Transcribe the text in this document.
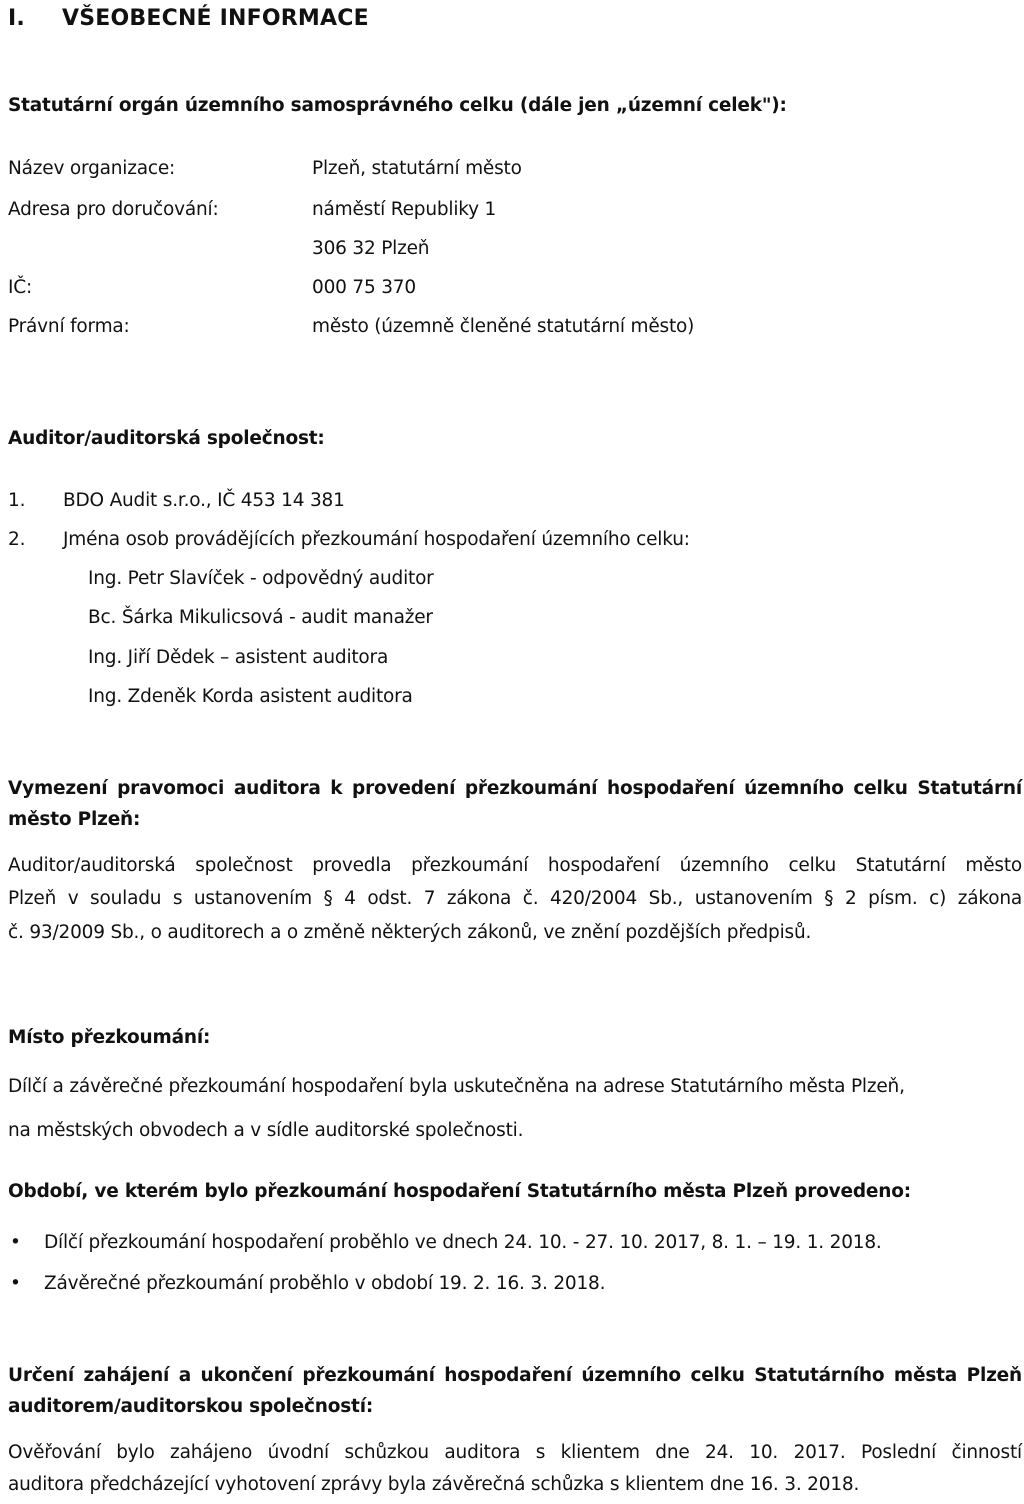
I. VŠEOBECNÉ INFORMACE
Statutární orgán územního samosprávného celku (dále jen „územní celek"):
Název organizace:	Plzeň, statutární město
Adresa pro doručování:	náměstí Republiky 1
306 32 Plzeň
IČ:	000 75 370
Právní forma:	město (územně členěné statutární město)
Auditor/auditorská společnost:
1. BDO Audit s.r.o., IČ 453 14 381
2. Jména osob provádějících přezkoumání hospodaření územního celku:
Ing. Petr Slavíček - odpovědný auditor
Bc. Šárka Mikulicsová - audit manažer
Ing. Jiří Dědek – asistent auditora
Ing. Zdeněk Korda asistent auditora
Vymezení pravomoci auditora k provedení přezkoumání hospodaření územního celku Statutární
město Plzeň:
Auditor/auditorská společnost provedla přezkoumání hospodaření územního celku Statutární město
Plzeň v souladu s ustanovením § 4 odst. 7 zákona č. 420/2004 Sb., ustanovením § 2 písm. c) zákona
č. 93/2009 Sb., o auditorech a o změně některých zákonů, ve znění pozdějších předpisů.
Místo přezkoumání:
Dílčí a závěrečné přezkoumání hospodaření byla uskutečněna na adrese Statutárního města Plzeň,
na městských obvodech a v sídle auditorské společnosti.
Období, ve kterém bylo přezkoumání hospodaření Statutárního města Plzeň provedeno:
• Dílčí přezkoumání hospodaření proběhlo ve dnech 24. 10. - 27. 10. 2017, 8. 1. – 19. 1. 2018.
• Závěrečné přezkoumání proběhlo v období 19. 2. 16. 3. 2018.
Určení zahájení a ukončení přezkoumání hospodaření územního celku Statutárního města Plzeň
auditorem/auditorskou společností:
Ověřování bylo zahájeno úvodní schůzkou auditora s klientem dne 24. 10. 2017. Poslední činností
auditora předcházející vyhotovení zprávy byla závěrečná schůzka s klientem dne 16. 3. 2018.
